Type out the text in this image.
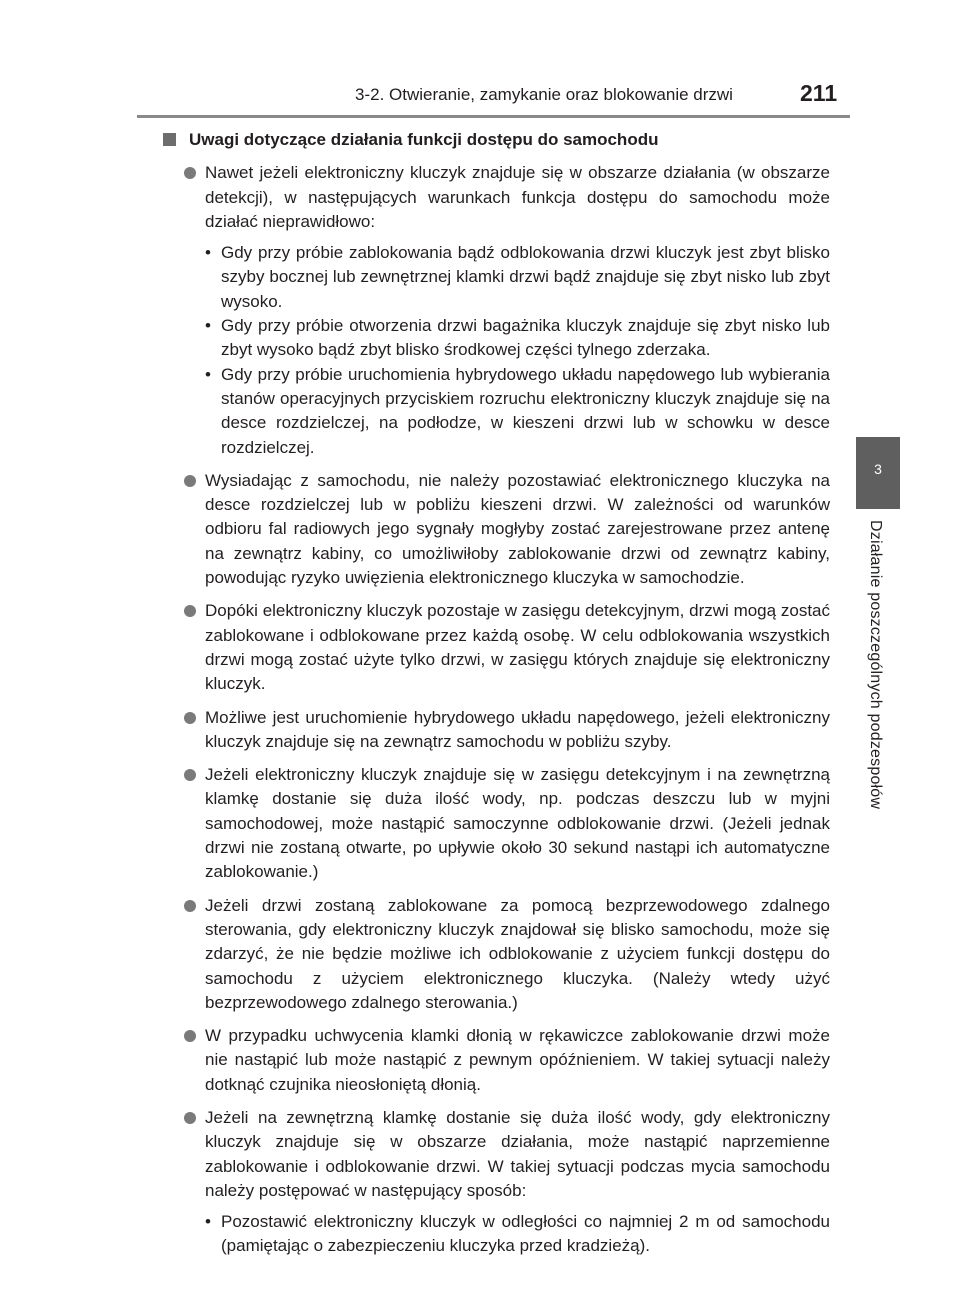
3-2. Otwieranie, zamykanie oraz blokowanie drzwi	211
3
Działanie poszczególnych podzespołów
Uwagi dotyczące działania funkcji dostępu do samochodu
Nawet jeżeli elektroniczny kluczyk znajduje się w obszarze działania (w obszarze detekcji), w następujących warunkach funkcja dostępu do samochodu może działać nieprawidłowo:
• Gdy przy próbie zablokowania bądź odblokowania drzwi kluczyk jest zbyt blisko szyby bocznej lub zewnętrznej klamki drzwi bądź znajduje się zbyt nisko lub zbyt wysoko.
• Gdy przy próbie otworzenia drzwi bagażnika kluczyk znajduje się zbyt nisko lub zbyt wysoko bądź zbyt blisko środkowej części tylnego zderzaka.
• Gdy przy próbie uruchomienia hybrydowego układu napędowego lub wybierania stanów operacyjnych przyciskiem rozruchu elektroniczny kluczyk znajduje się na desce rozdzielczej, na podłodze, w kieszeni drzwi lub w schowku w desce rozdzielczej.
Wysiadając z samochodu, nie należy pozostawiać elektronicznego kluczyka na desce rozdzielczej lub w pobliżu kieszeni drzwi. W zależności od warunków odbioru fal radiowych jego sygnały mogłyby zostać zarejestrowane przez antenę na zewnątrz kabiny, co umożliwiłoby zablokowanie drzwi od zewnątrz kabiny, powodując ryzyko uwięzienia elektronicznego kluczyka w samochodzie.
Dopóki elektroniczny kluczyk pozostaje w zasięgu detekcyjnym, drzwi mogą zostać zablokowane i odblokowane przez każdą osobę. W celu odblokowania wszystkich drzwi mogą zostać użyte tylko drzwi, w zasięgu których znajduje się elektroniczny kluczyk.
Możliwe jest uruchomienie hybrydowego układu napędowego, jeżeli elektroniczny kluczyk znajduje się na zewnątrz samochodu w pobliżu szyby.
Jeżeli elektroniczny kluczyk znajduje się w zasięgu detekcyjnym i na zewnętrzną klamkę dostanie się duża ilość wody, np. podczas deszczu lub w myjni samochodowej, może nastąpić samoczynne odblokowanie drzwi. (Jeżeli jednak drzwi nie zostaną otwarte, po upływie około 30 sekund nastąpi ich automatyczne zablokowanie.)
Jeżeli drzwi zostaną zablokowane za pomocą bezprzewodowego zdalnego sterowania, gdy elektroniczny kluczyk znajdował się blisko samochodu, może się zdarzyć, że nie będzie możliwe ich odblokowanie z użyciem funkcji dostępu do samochodu z użyciem elektronicznego kluczyka. (Należy wtedy użyć bezprzewodowego zdalnego sterowania.)
W przypadku uchwycenia klamki dłonią w rękawiczce zablokowanie drzwi może nie nastąpić lub może nastąpić z pewnym opóźnieniem. W takiej sytuacji należy dotknąć czujnika nieosłoniętą dłonią.
Jeżeli na zewnętrzną klamkę dostanie się duża ilość wody, gdy elektroniczny kluczyk znajduje się w obszarze działania, może nastąpić naprzemienne zablokowanie i odblokowanie drzwi. W takiej sytuacji podczas mycia samochodu należy postępować w następujący sposób:
• Pozostawić elektroniczny kluczyk w odległości co najmniej 2 m od samochodu (pamiętając o zabezpieczeniu kluczyka przed kradzieżą).
